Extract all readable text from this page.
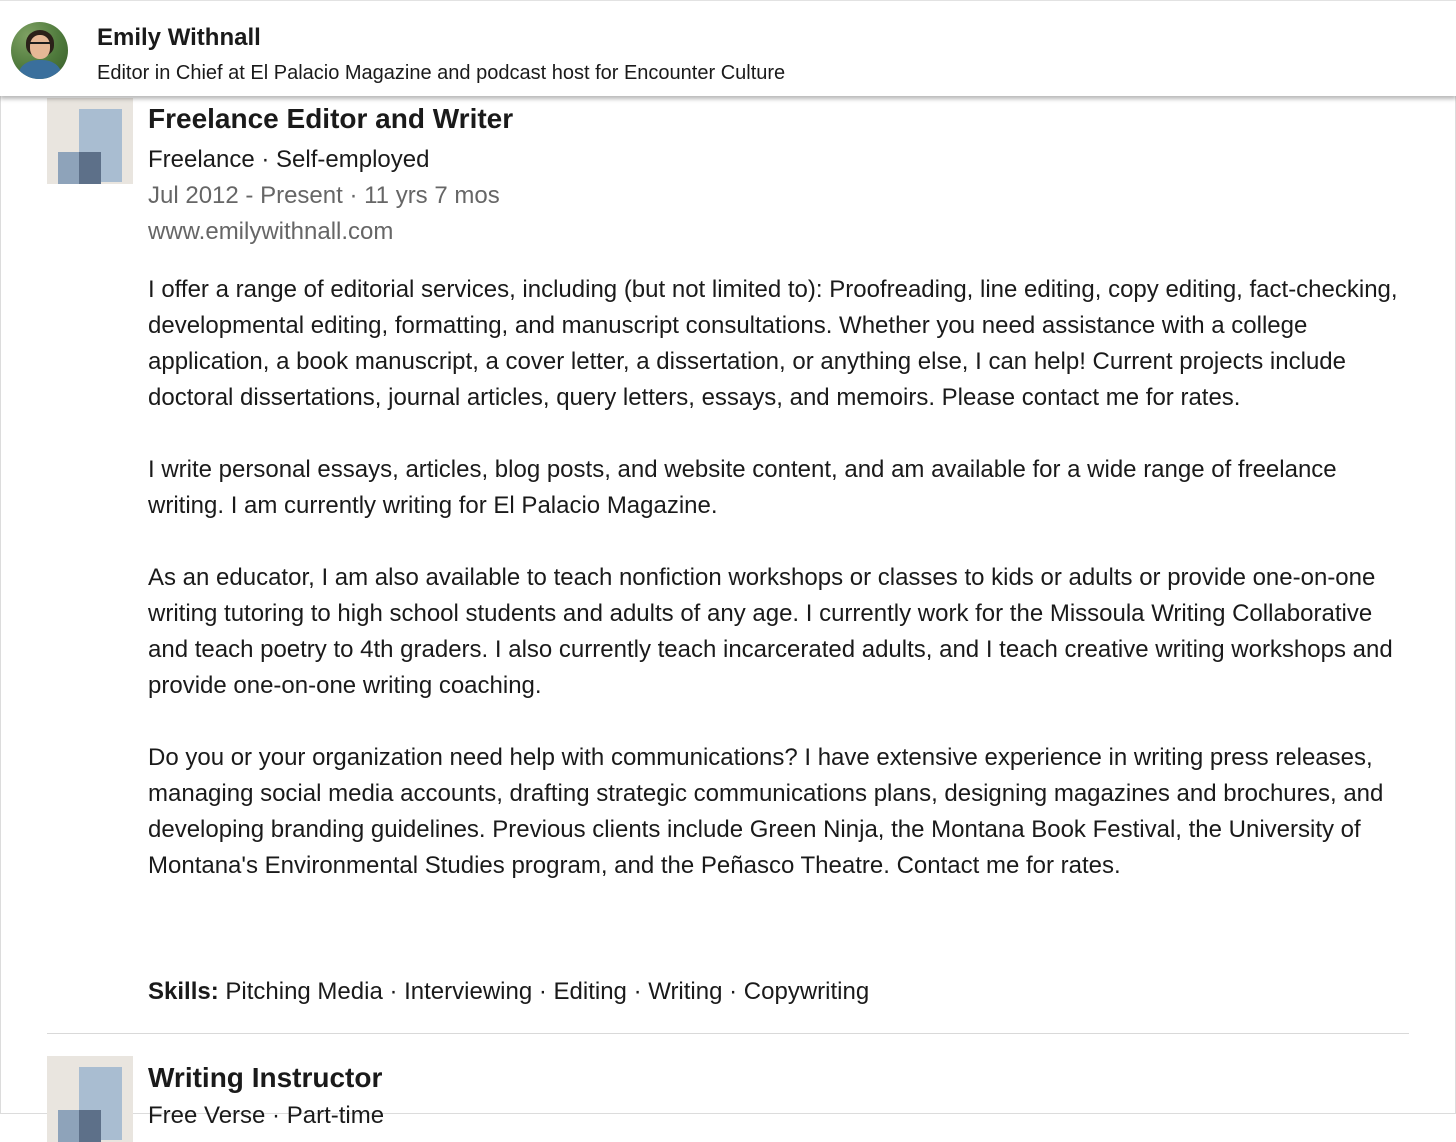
Emily Withnall
Editor in Chief at El Palacio Magazine and podcast host for Encounter Culture
Freelance Editor and Writer
Freelance · Self-employed
Jul 2012 - Present · 11 yrs 7 mos
www.emilywithnall.com

I offer a range of editorial services, including (but not limited to): Proofreading, line editing, copy editing, fact-checking, developmental editing, formatting, and manuscript consultations. Whether you need assistance with a college application, a book manuscript, a cover letter, a dissertation, or anything else, I can help! Current projects include doctoral dissertations, journal articles, query letters, essays, and memoirs. Please contact me for rates.

I write personal essays, articles, blog posts, and website content, and am available for a wide range of freelance writing. I am currently writing for El Palacio Magazine.

As an educator, I am also available to teach nonfiction workshops or classes to kids or adults or provide one-on-one writing tutoring to high school students and adults of any age. I currently work for the Missoula Writing Collaborative and teach poetry to 4th graders. I also currently teach incarcerated adults, and I teach creative writing workshops and provide one-on-one writing coaching.

Do you or your organization need help with communications? I have extensive experience in writing press releases, managing social media accounts, drafting strategic communications plans, designing magazines and brochures, and developing branding guidelines. Previous clients include Green Ninja, the Montana Book Festival, the University of Montana's Environmental Studies program, and the Peñasco Theatre. Contact me for rates.

Skills: Pitching Media · Interviewing · Editing · Writing · Copywriting
Writing Instructor
Free Verse · Part-time
